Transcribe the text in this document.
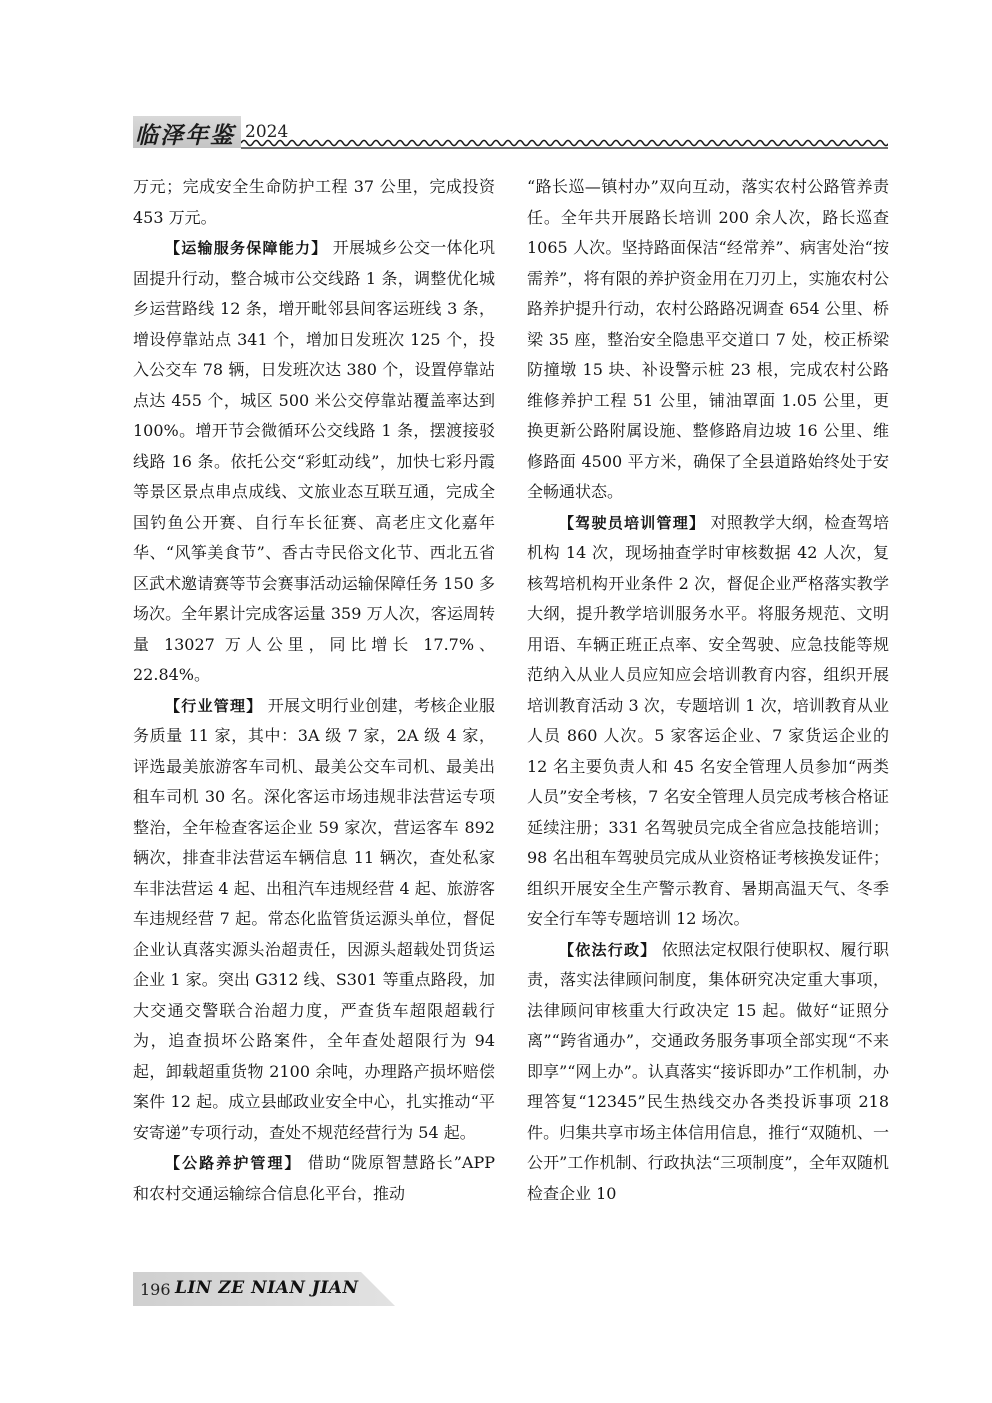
临泽年鉴 2024

万元；完成安全生命防护工程 37 公里，完成投资 453 万元。

【运输服务保障能力】 开展城乡公交一体化巩固提升行动，整合城市公交线路 1 条，调整优化城乡运营路线 12 条，增开毗邻县间客运班线 3 条，增设停靠站点 341 个，增加日发班次 125 个，投入公交车 78 辆，日发班次达 380 个，设置停靠站点达 455 个，城区 500 米公交停靠站覆盖率达到 100%。增开节会微循环公交线路 1 条，摆渡接驳线路 16 条。依托公交“彩虹动线”，加快七彩丹霞等景区景点串点成线、文旅业态互联互通，完成全国钓鱼公开赛、自行车长征赛、高老庄文化嘉年华、“风筝美食节”、香古寺民俗文化节、西北五省区武术邀请赛等节会赛事活动运输保障任务 150 多场次。全年累计完成客运量 359 万人次，客运周转量 13027 万人公里，同比增长 17.7%、22.84%。

【行业管理】 开展文明行业创建，考核企业服务质量 11 家，其中：3A 级 7 家，2A 级 4 家，评选最美旅游客车司机、最美公交车司机、最美出租车司机 30 名。深化客运市场违规非法营运专项整治，全年检查客运企业 59 家次，营运客车 892 辆次，排查非法营运车辆信息 11 辆次，查处私家车非法营运 4 起、出租汽车违规经营 4 起、旅游客车违规经营 7 起。常态化监管货运源头单位，督促企业认真落实源头治超责任，因源头超载处罚货运企业 1 家。突出 G312 线、S301 等重点路段，加大交通交警联合治超力度，严查货车超限超载行为，追查损坏公路案件，全年查处超限行为 94 起，卸载超重货物 2100 余吨，办理路产损坏赔偿案件 12 起。成立县邮政业安全中心，扎实推动“平安寄递”专项行动，查处不规范经营行为 54 起。

【公路养护管理】 借助“陇原智慧路长”APP 和农村交通运输综合信息化平台，推动

“路长巡—镇村办”双向互动，落实农村公路管养责任。全年共开展路长培训 200 余人次，路长巡查 1065 人次。坚持路面保洁“经常养”、病害处治“按需养”，将有限的养护资金用在刀刃上，实施农村公路养护提升行动，农村公路路况调查 654 公里、桥梁 35 座，整治安全隐患平交道口 7 处，校正桥梁防撞墩 15 块、补设警示桩 23 根，完成农村公路维修养护工程 51 公里，铺油罩面 1.05 公里，更换更新公路附属设施、整修路肩边坡 16 公里、维修路面 4500 平方米，确保了全县道路始终处于安全畅通状态。

【驾驶员培训管理】 对照教学大纲，检查驾培机构 14 次，现场抽查学时审核数据 42 人次，复核驾培机构开业条件 2 次，督促企业严格落实教学大纲，提升教学培训服务水平。将服务规范、文明用语、车辆正班正点率、安全驾驶、应急技能等规范纳入从业人员应知应会培训教育内容，组织开展培训教育活动 3 次，专题培训 1 次，培训教育从业人员 860 人次。5 家客运企业、7 家货运企业的 12 名主要负责人和 45 名安全管理人员参加“两类人员”安全考核，7 名安全管理人员完成考核合格证延续注册；331 名驾驶员完成全省应急技能培训；98 名出租车驾驶员完成从业资格证考核换发证件；组织开展安全生产警示教育、暑期高温天气、冬季安全行车等专题培训 12 场次。

【依法行政】 依照法定权限行使职权、履行职责，落实法律顾问制度，集体研究决定重大事项，法律顾问审核重大行政决定 15 起。做好“证照分离”“跨省通办”，交通政务服务事项全部实现“不来即享”“网上办”。认真落实“接诉即办”工作机制，办理答复“12345”民生热线交办各类投诉事项 218 件。归集共享市场主体信用信息，推行“双随机、一公开”工作机制、行政执法“三项制度”，全年双随机检查企业 10

196 LIN ZE NIAN JIAN
